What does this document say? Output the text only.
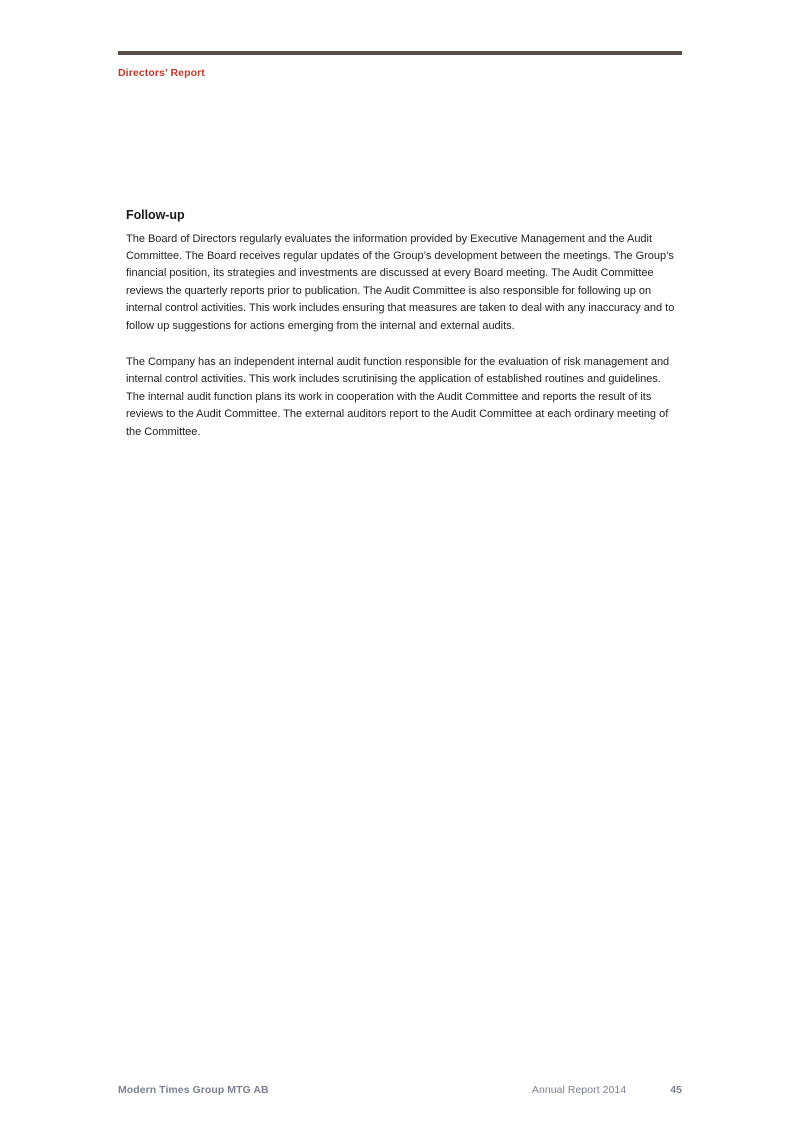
Directors’ Report
Follow-up

The Board of Directors regularly evaluates the information provided by Executive Management and the Audit Committee. The Board receives regular updates of the Group’s development between the meetings. The Group’s financial position, its strategies and investments are discussed at every Board meeting. The Audit Committee reviews the quarterly reports prior to publication. The Audit Committee is also responsible for following up on internal control activities. This work includes ensuring that measures are taken to deal with any inaccuracy and to follow up suggestions for actions emerging from the internal and external audits.

The Company has an independent internal audit function responsible for the evaluation of risk management and internal control activities. This work includes scrutinising the application of established routines and guidelines. The internal audit function plans its work in cooperation with the Audit Committee and reports the result of its reviews to the Audit Committee. The external auditors report to the Audit Committee at each ordinary meeting of the Committee.

Modern Times Group MTG AB	Annual Report 2014	45
